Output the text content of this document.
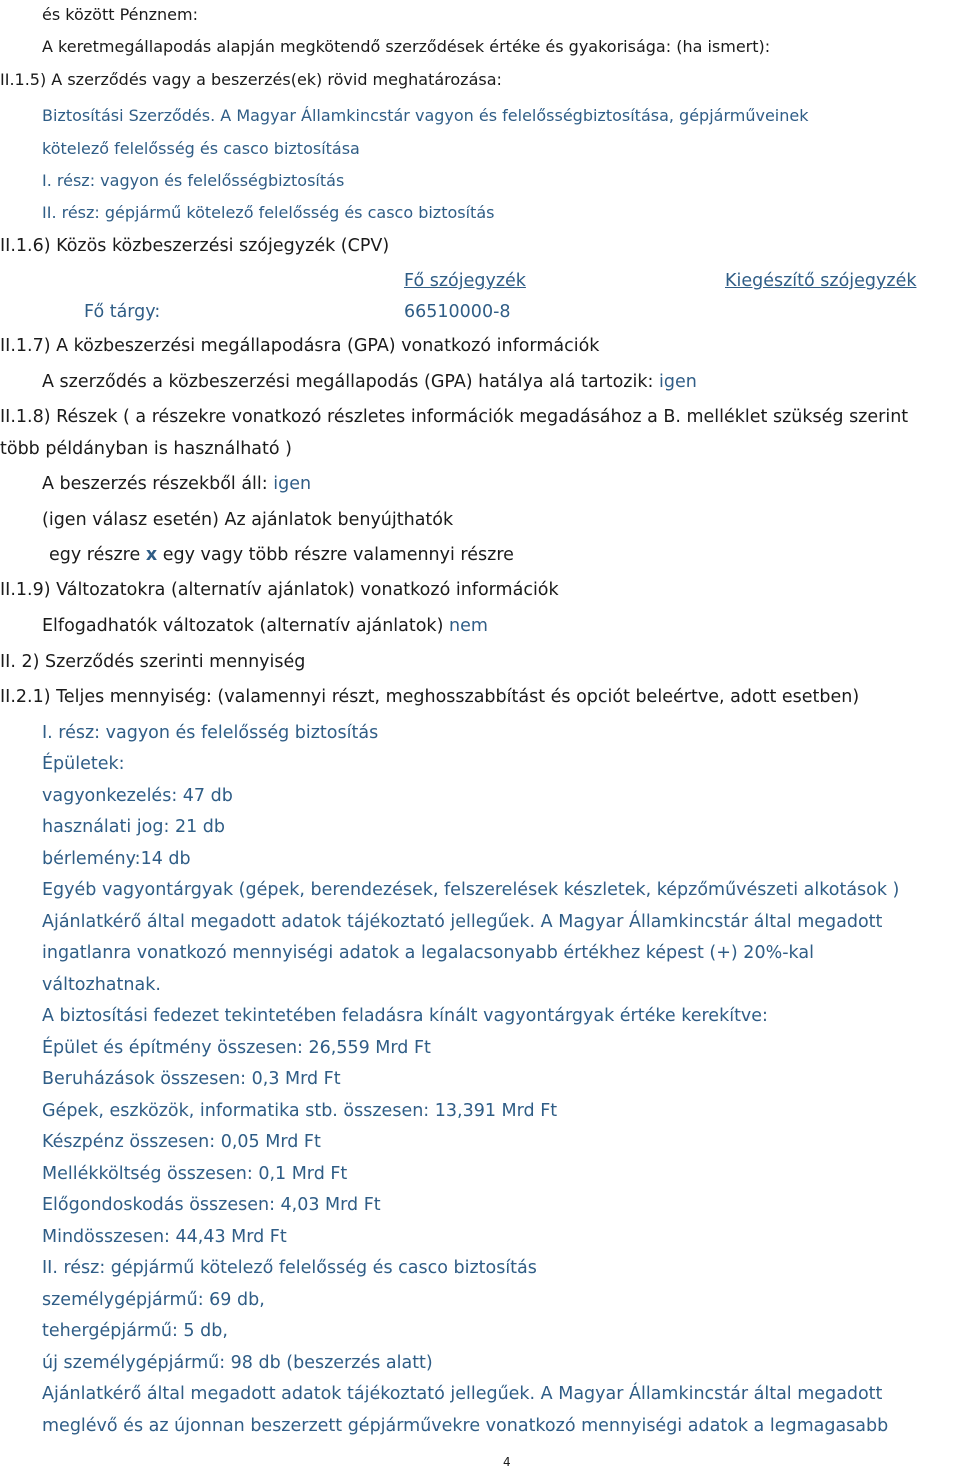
és között Pénznem:
A keretmegállapodás alapján megkötendő szerződések értéke és gyakorisága: (ha ismert):
II.1.5) A szerződés vagy a beszerzés(ek) rövid meghatározása:
Biztosítási Szerződés. A Magyar Államkincstár vagyon és felelősségbiztosítása, gépjárműveinek
kötelező felelősség és casco biztosítása
I. rész: vagyon és felelősségbiztosítás
II. rész: gépjármű kötelező felelősség és casco biztosítás
II.1.6) Közös közbeszerzési szójegyzék (CPV)
Fő szójegyzék	Kiegészítő szójegyzék
Fő tárgy:	66510000-8
II.1.7) A közbeszerzési megállapodásra (GPA) vonatkozó információk
A szerződés a közbeszerzési megállapodás (GPA) hatálya alá tartozik: igen
II.1.8) Részek ( a részekre vonatkozó részletes információk megadásához a B. melléklet szükség szerint
több példányban is használható )
A beszerzés részekből áll: igen
(igen válasz esetén) Az ajánlatok benyújthatók
egy részre x egy vagy több részre valamennyi részre
II.1.9) Változatokra (alternatív ajánlatok) vonatkozó információk
Elfogadhatók változatok (alternatív ajánlatok) nem
II. 2) Szerződés szerinti mennyiség
II.2.1) Teljes mennyiség: (valamennyi részt, meghosszabbítást és opciót beleértve, adott esetben)
I. rész: vagyon és felelősség biztosítás
Épületek:
vagyonkezelés: 47 db
használati jog: 21 db
bérlemény:14 db
Egyéb vagyontárgyak (gépek, berendezések, felszerelések készletek, képzőművészeti alkotások )
Ajánlatkérő által megadott adatok tájékoztató jellegűek. A Magyar Államkincstár által megadott
ingatlanra vonatkozó mennyiségi adatok a legalacsonyabb értékhez képest (+) 20%-kal
változhatnak.
A biztosítási fedezet tekintetében feladásra kínált vagyontárgyak értéke kerekítve:
Épület és építmény összesen: 26,559 Mrd Ft
Beruházások összesen: 0,3 Mrd Ft
Gépek, eszközök, informatika stb. összesen: 13,391 Mrd Ft
Készpénz összesen: 0,05 Mrd Ft
Mellékköltség összesen: 0,1 Mrd Ft
Előgondoskodás összesen: 4,03 Mrd Ft
Mindösszesen: 44,43 Mrd Ft
II. rész: gépjármű kötelező felelősség és casco biztosítás
személygépjármű: 69 db,
tehergépjármű: 5 db,
új személygépjármű: 98 db (beszerzés alatt)
Ajánlatkérő által megadott adatok tájékoztató jellegűek. A Magyar Államkincstár által megadott
meglévő és az újonnan beszerzett gépjárművekre vonatkozó mennyiségi adatok a legmagasabb
4
